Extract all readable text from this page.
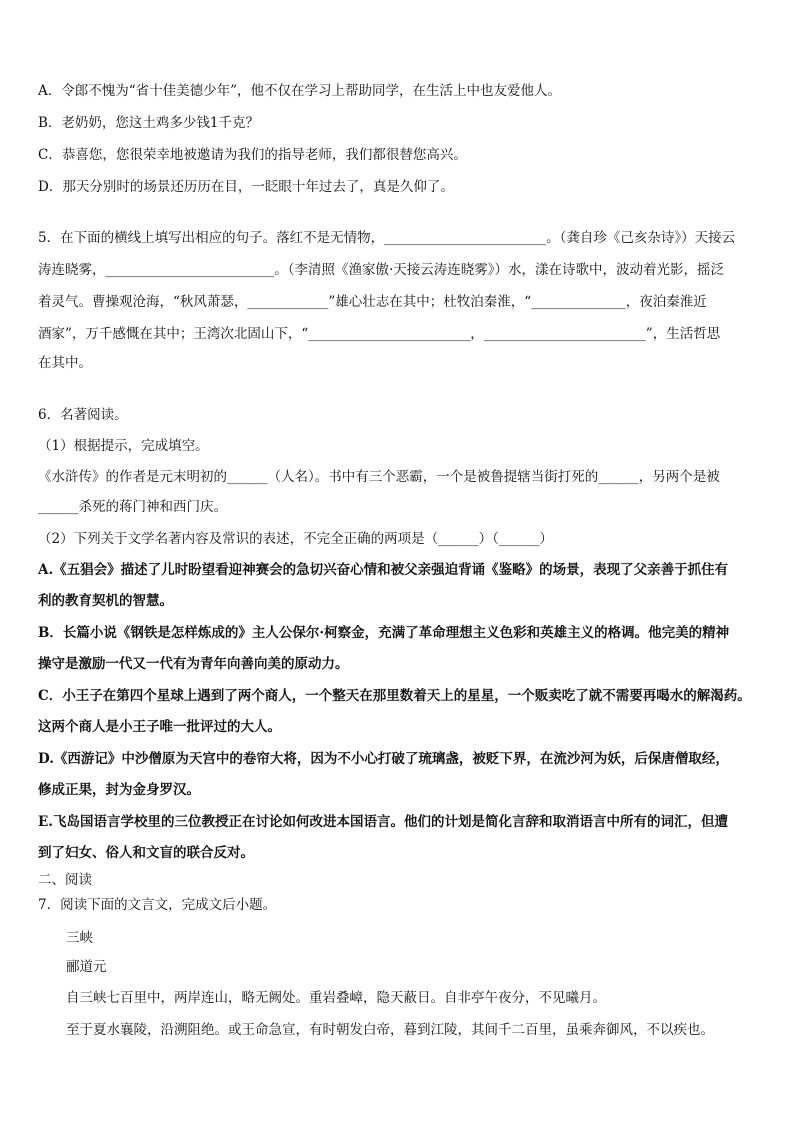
A．令郎不愧为“省十佳美德少年”，他不仅在学习上帮助同学，在生活上中也友爱他人。
B．老奶奶，您这土鸡多少钱1千克？
C．恭喜您，您很荣幸地被邀请为我们的指导老师，我们都很替您高兴。
D．那天分别时的场景还历历在目，一眨眼十年过去了，真是久仰了。
5．在下面的横线上填写出相应的句子。落红不是无情物，________________________。（龚自珍《己亥杂诗》）天接云
涛连晓雾，_________________________。（李清照《渔家傲·天接云涛连晓雾》）水，漾在诗歌中，波动着光影，摇泛
着灵气。曹操观沧海，“秋风萧瑟，____________”雄心壮志在其中；杜牧泊秦淮，“______________，夜泊秦淮近
酒家”，万千感慨在其中；王湾次北固山下，“________________________，________________________”，生活哲思
在其中。
6．名著阅读。
（1）根据提示，完成填空。
《水浒传》的作者是元末明初的______（人名）。书中有三个恶霸，一个是被鲁提辖当街打死的______，另两个是被
______杀死的蒋门神和西门庆。
（2）下列关于文学名著内容及常识的表述，不完全正确的两项是（______）（______）
A.《五猖会》描述了儿时盼望看迎神赛会的急切兴奋心情和被父亲强迫背诵《鉴略》的场景，表现了父亲善于抓住有
利的教育契机的智慧。
B．长篇小说《钢铁是怎样炼成的》主人公保尔·柯察金，充满了革命理想主义色彩和英雄主义的格调。他完美的精神
操守是激励一代又一代有为青年向善向美的原动力。
C．小王子在第四个星球上遇到了两个商人，一个整天在那里数着天上的星星，一个贩卖吃了就不需要再喝水的解渴药。
这两个商人是小王子唯一批评过的大人。
D.《西游记》中沙僧原为天宫中的卷帘大将，因为不小心打破了琉璃盏，被贬下界，在流沙河为妖，后保唐僧取经，
修成正果，封为金身罗汉。
E.飞岛国语言学校里的三位教授正在讨论如何改进本国语言。他们的计划是简化言辞和取消语言中所有的词汇，但遭
到了妇女、俗人和文盲的联合反对。
二、阅读
7．阅读下面的文言文，完成文后小题。
三峡
郦道元
自三峡七百里中，两岸连山，略无阙处。重岩叠嶂，隐天蔽日。自非亭午夜分，不见曦月。
至于夏水襄陵，沿溯阻绝。或王命急宣，有时朝发白帝，暮到江陵，其间千二百里，虽乘奔御风，不以疾也。
